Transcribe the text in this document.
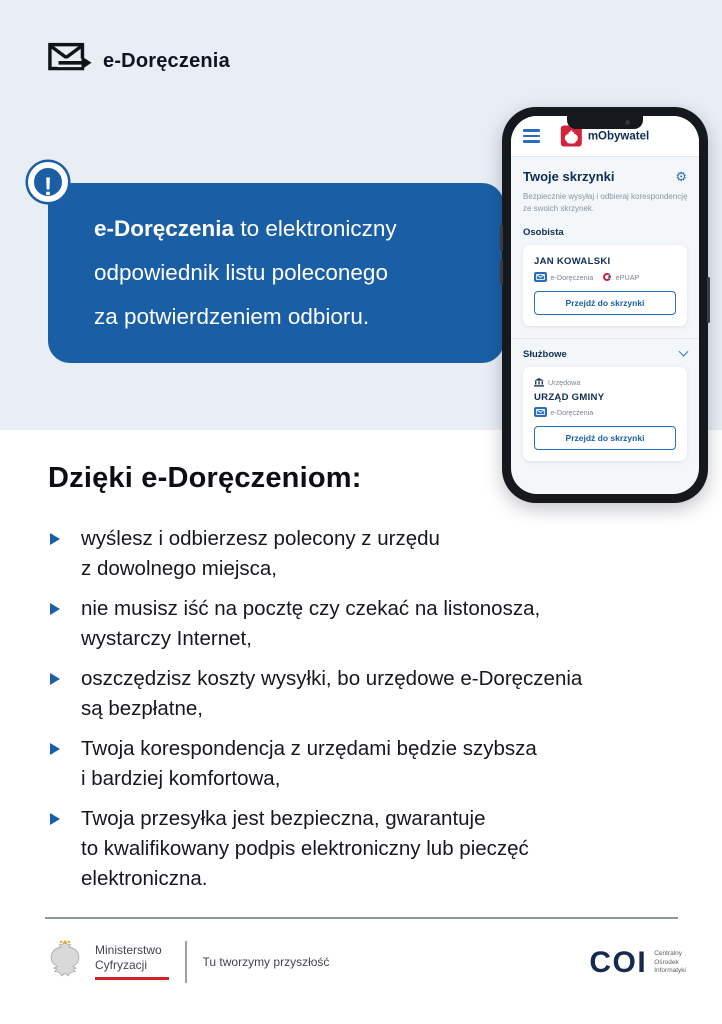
e-Doręczenia
!
e-Doręczenia to elektroniczny
odpowiednik listu poleconego
za potwierdzeniem odbioru.
mObywatel
Twoje skrzynki	⚙
Bezpiecznie wysyłaj i odbieraj korespondencję ze swoich skrzynek.
Osobista
JAN KOWALSKI
e-Doręczenia	ePUAP
Przejdź do skrzynki
Służbowe
Urzędowa
URZĄD GMINY
e-Doręczenia
Przejdź do skrzynki
Dzięki e-Doręczeniom:
wyślesz i odbierzesz polecony z urzędu
z dowolnego miejsca,
nie musisz iść na pocztę czy czekać na listonosza,
wystarczy Internet,
oszczędzisz koszty wysyłki, bo urzędowe e-Doręczenia
są bezpłatne,
Twoja korespondencja z urzędami będzie szybsza
i bardziej komfortowa,
Twoja przesyłka jest bezpieczna, gwarantuje
to kwalifikowany podpis elektroniczny lub pieczęć
elektroniczna.
Ministerstwo
Cyfryzacji	Tu tworzymy przyszłość	COI Centralny
Ośrodek
Informatyki
